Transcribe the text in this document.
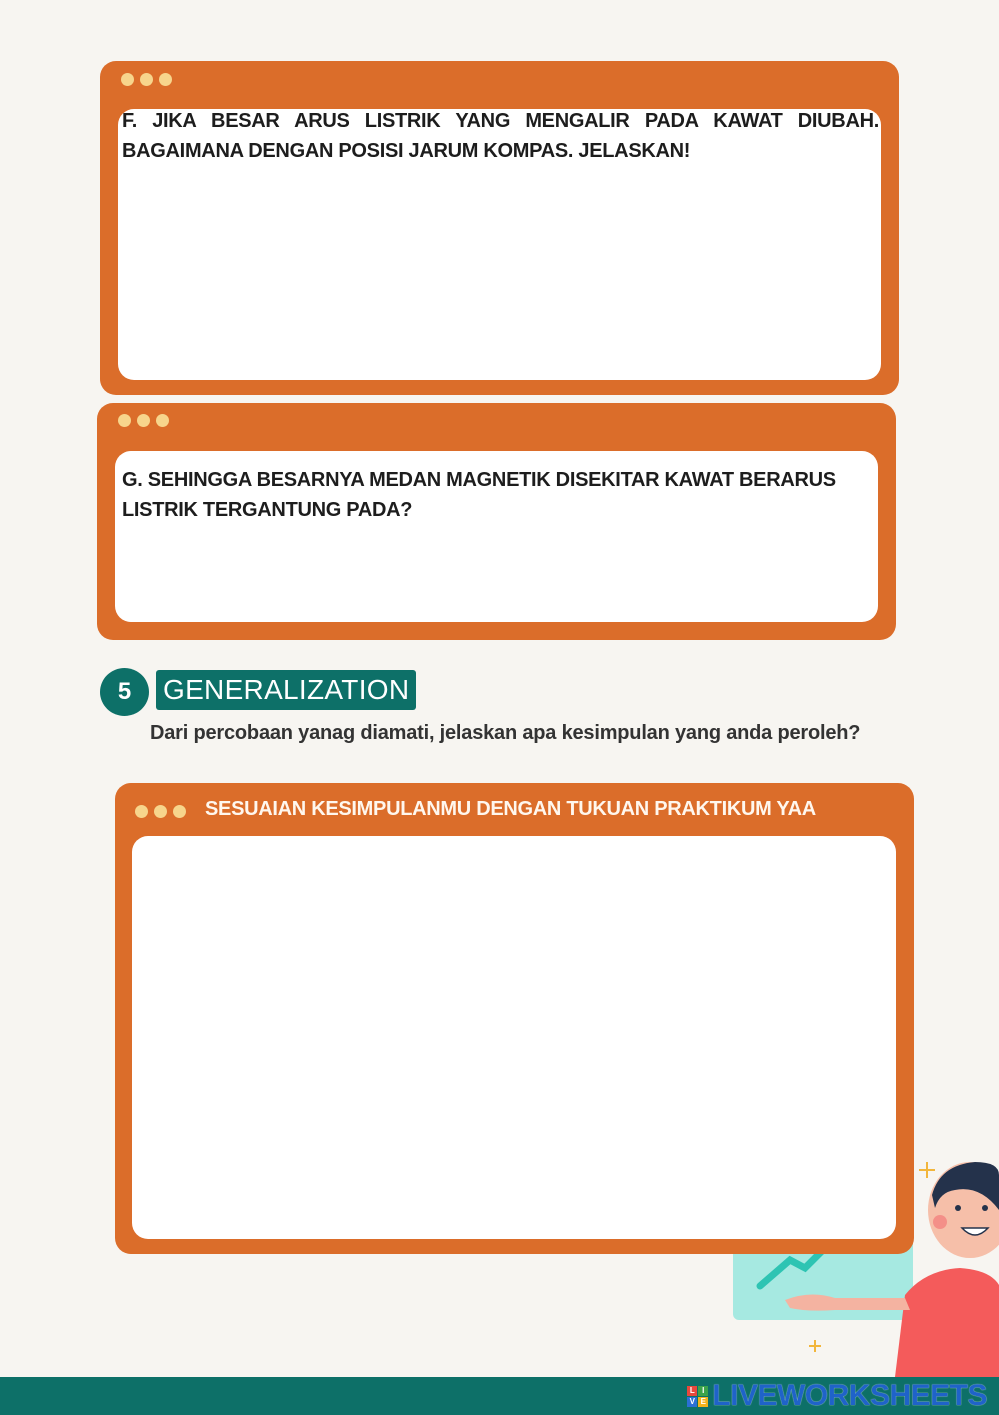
F. JIKA BESAR ARUS LISTRIK YANG MENGALIR PADA KAWAT DIUBAH. BAGAIMANA DENGAN POSISI JARUM KOMPAS. JELASKAN!

G. SEHINGGA BESARNYA MEDAN MAGNETIK DISEKITAR KAWAT BERARUS LISTRIK TERGANTUNG PADA?

5	GENERALIZATION

Dari percobaan yanag diamati, jelaskan apa kesimpulan yang anda peroleh?

SESUAIAN KESIMPULANMU DENGAN TUKUAN PRAKTIKUM YAA
L I
V E LIVEWORKSHEETS
